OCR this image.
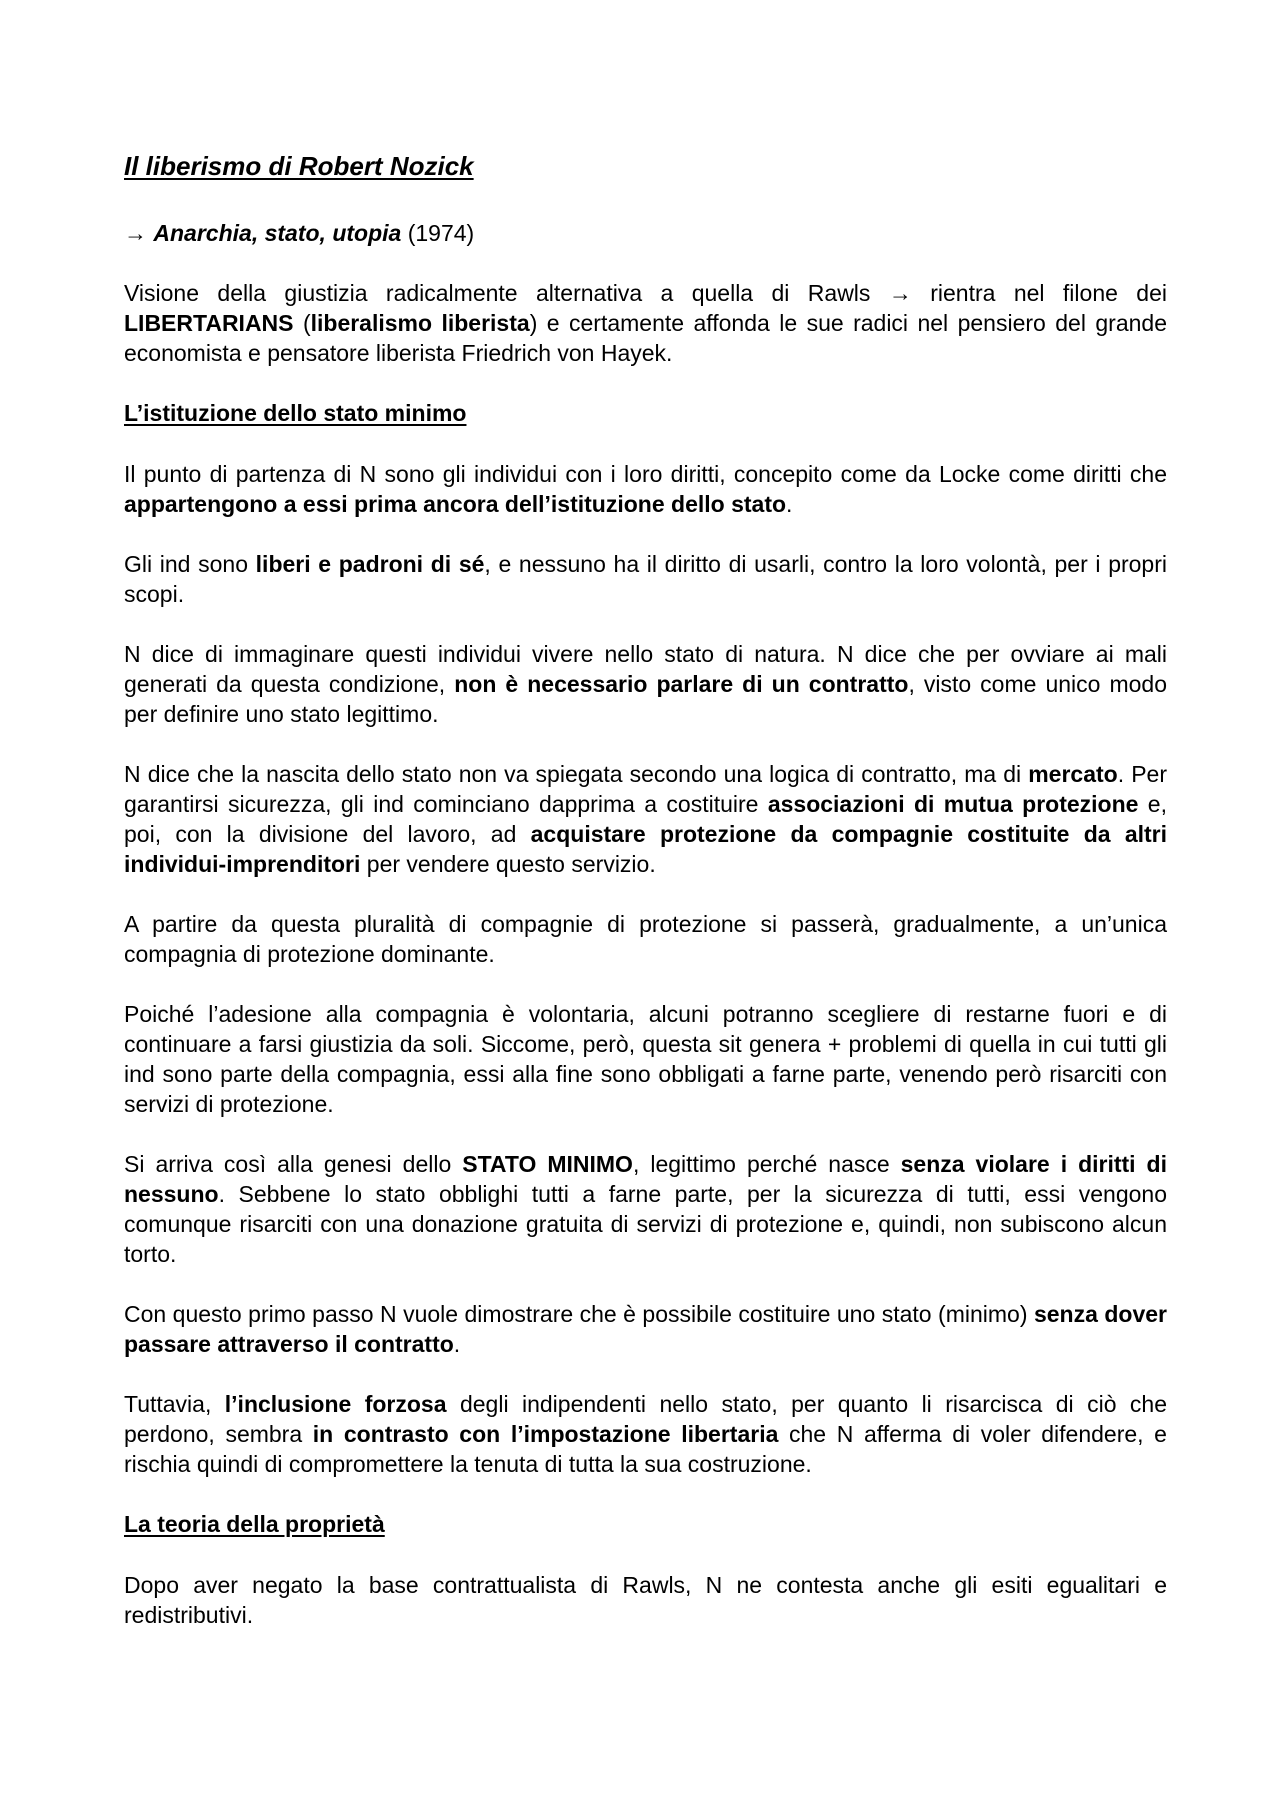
Il liberismo di Robert Nozick
→ Anarchia, stato, utopia (1974)

Visione della giustizia radicalmente alternativa a quella di Rawls → rientra nel filone dei LIBERTARIANS (liberalismo liberista) e certamente affonda le sue radici nel pensiero del grande economista e pensatore liberista Friedrich von Hayek.

L’istituzione dello stato minimo

Il punto di partenza di N sono gli individui con i loro diritti, concepito come da Locke come diritti che appartengono a essi prima ancora dell’istituzione dello stato.

Gli ind sono liberi e padroni di sé, e nessuno ha il diritto di usarli, contro la loro volontà, per i propri scopi.

N dice di immaginare questi individui vivere nello stato di natura. N dice che per ovviare ai mali generati da questa condizione, non è necessario parlare di un contratto, visto come unico modo per definire uno stato legittimo.

N dice che la nascita dello stato non va spiegata secondo una logica di contratto, ma di mercato. Per garantirsi sicurezza, gli ind cominciano dapprima a costituire associazioni di mutua protezione e, poi, con la divisione del lavoro, ad acquistare protezione da compagnie costituite da altri individui-imprenditori per vendere questo servizio.

A partire da questa pluralità di compagnie di protezione si passerà, gradualmente, a un’unica compagnia di protezione dominante.

Poiché l’adesione alla compagnia è volontaria, alcuni potranno scegliere di restarne fuori e di continuare a farsi giustizia da soli. Siccome, però, questa sit genera + problemi di quella in cui tutti gli ind sono parte della compagnia, essi alla fine sono obbligati a farne parte, venendo però risarciti con servizi di protezione.

Si arriva così alla genesi dello STATO MINIMO, legittimo perché nasce senza violare i diritti di nessuno. Sebbene lo stato obblighi tutti a farne parte, per la sicurezza di tutti, essi vengono comunque risarciti con una donazione gratuita di servizi di protezione e, quindi, non subiscono alcun torto.

Con questo primo passo N vuole dimostrare che è possibile costituire uno stato (minimo) senza dover passare attraverso il contratto.

Tuttavia, l’inclusione forzosa degli indipendenti nello stato, per quanto li risarcisca di ciò che perdono, sembra in contrasto con l’impostazione libertaria che N afferma di voler difendere, e rischia quindi di compromettere la tenuta di tutta la sua costruzione.

La teoria della proprietà

Dopo aver negato la base contrattualista di Rawls, N ne contesta anche gli esiti egualitari e redistributivi.
